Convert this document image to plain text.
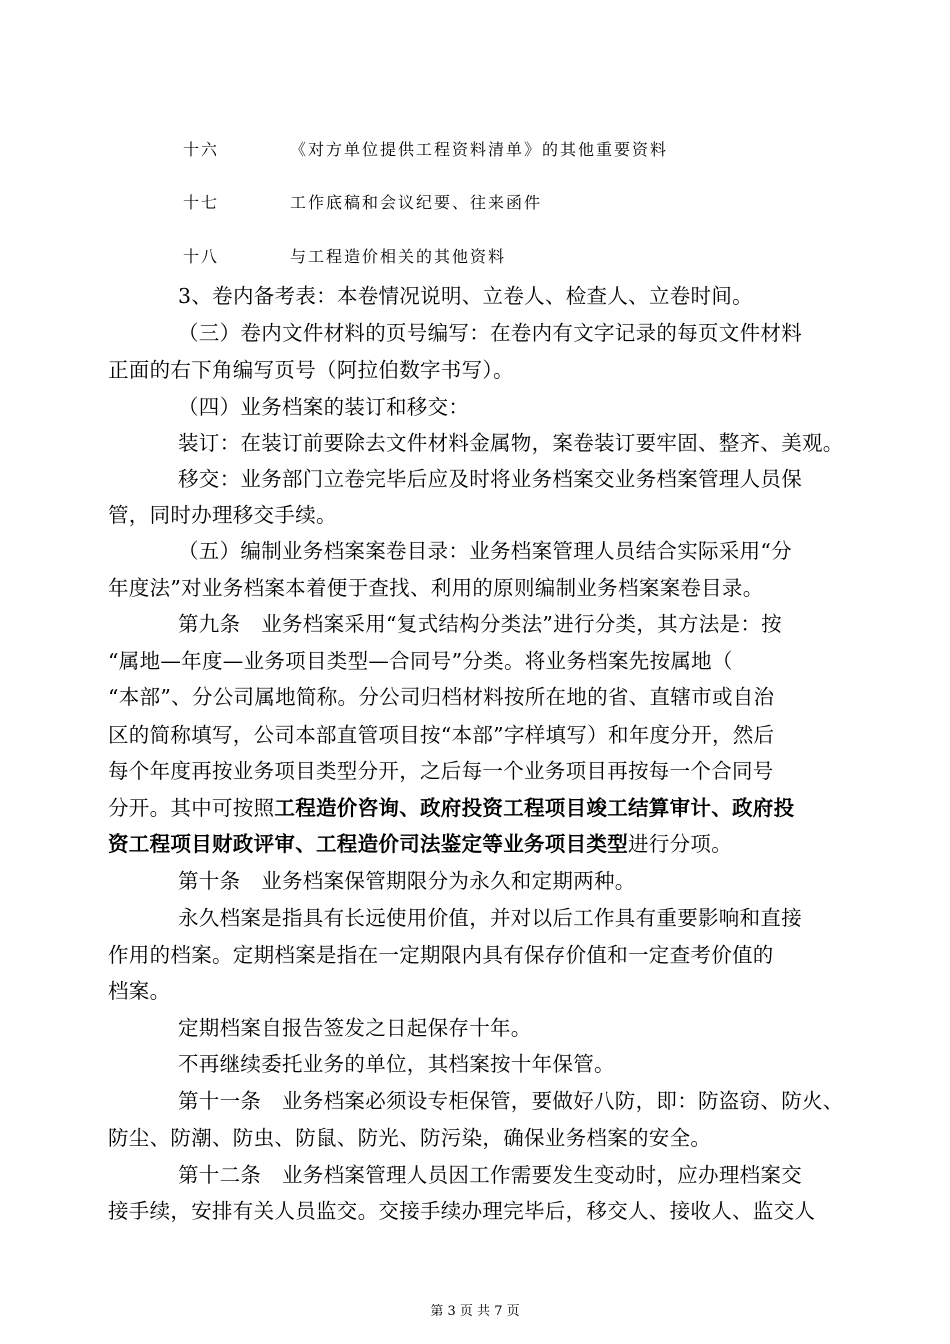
十六	《对方单位提供工程资料清单》的其他重要资料
十七	工作底稿和会议纪要、往来函件
十八	与工程造价相关的其他资料
3、卷内备考表：本卷情况说明、立卷人、检查人、立卷时间。
（三）卷内文件材料的页号编写：在卷内有文字记录的每页文件材料
正面的右下角编写页号（阿拉伯数字书写）。
（四）业务档案的装订和移交：
装订：在装订前要除去文件材料金属物，案卷装订要牢固、整齐、美观。
移交：业务部门立卷完毕后应及时将业务档案交业务档案管理人员保
管，同时办理移交手续。
（五）编制业务档案案卷目录：业务档案管理人员结合实际采用“分
年度法”对业务档案本着便于查找、利用的原则编制业务档案案卷目录。
第九条　业务档案采用“复式结构分类法”进行分类，其方法是：按
“属地—年度—业务项目类型—合同号”分类。将业务档案先按属地（
“本部”、分公司属地简称。分公司归档材料按所在地的省、直辖市或自治
区的简称填写，公司本部直管项目按“本部”字样填写）和年度分开，然后
每个年度再按业务项目类型分开，之后每一个业务项目再按每一个合同号
分开。其中可按照工程造价咨询、政府投资工程项目竣工结算审计、政府投
资工程项目财政评审、工程造价司法鉴定等业务项目类型进行分项。
第十条　业务档案保管期限分为永久和定期两种。
永久档案是指具有长远使用价值，并对以后工作具有重要影响和直接
作用的档案。定期档案是指在一定期限内具有保存价值和一定查考价值的
档案。
定期档案自报告签发之日起保存十年。
不再继续委托业务的单位，其档案按十年保管。
第十一条　业务档案必须设专柜保管，要做好八防，即：防盗窃、防火、
防尘、防潮、防虫、防鼠、防光、防污染，确保业务档案的安全。
第十二条　业务档案管理人员因工作需要发生变动时，应办理档案交
接手续，安排有关人员监交。交接手续办理完毕后，移交人、接收人、监交人
第 3 页 共 7 页
